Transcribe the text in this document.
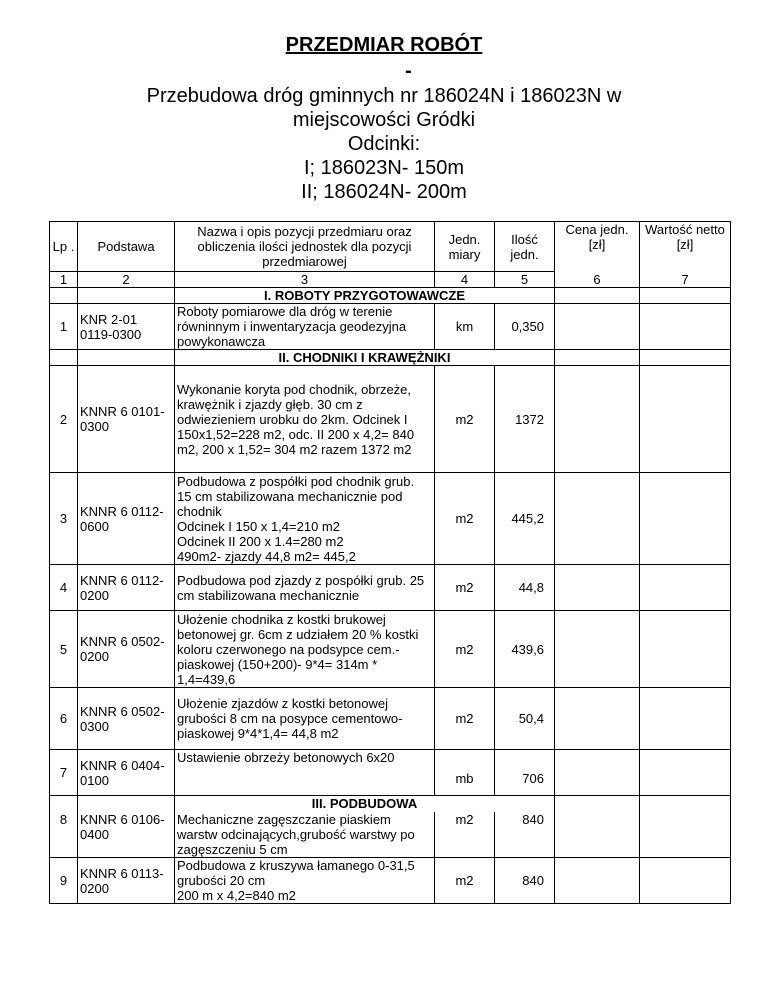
PRZEDMIAR ROBÓT
-
Przebudowa dróg gminnych nr 186024N i 186023N w
miejscowości Gródki
Odcinki:
I; 186023N- 150m
II; 186024N- 200m
Lp .	Podstawa	Nazwa i opis pozycji przedmiaru oraz obliczenia ilości jednostek dla pozycji przedmiarowej	Jedn. miary	Ilość jedn.	Cena jedn. [zł]	Wartość netto [zł]
1	2	3	4	5	6	7
		I. ROBOTY PRZYGOTOWAWCZE				
1	KNR 2-01 0119-0300	Roboty pomiarowe dla dróg w terenie równinnym i inwentaryzacja geodezyjna powykonawcza	km	0,350		
		II. CHODNIKI I KRAWĘŻNIKI				
2	KNNR 6 0101-0300	Wykonanie koryta pod chodnik, obrzeże, krawężnik i zjazdy głęb. 30 cm z odwiezieniem urobku do 2km. Odcinek I 150x1,52=228 m2, odc. II 200 x 4,2= 840 m2, 200 x 1,52= 304 m2 razem 1372 m2	m2	1372		
3	KNNR 6 0112-0600	Podbudowa z pospółki pod chodnik grub. 15 cm stabilizowana mechanicznie pod chodnik
Odcinek I 150 x 1,4=210 m2
Odcinek II 200 x 1.4=280 m2
490m2- zjazdy 44,8 m2= 445,2	m2	445,2		
4	KNNR 6 0112-0200	Podbudowa pod zjazdy z pospółki grub. 25 cm stabilizowana mechanicznie	m2	44,8		
5	KNNR 6 0502-0200	Ułożenie chodnika z kostki brukowej betonowej gr. 6cm z udziałem 20 % kostki koloru czerwonego na podsypce cem.-piaskowej (150+200)- 9*4= 314m * 1,4=439,6	m2	439,6		
6	KNNR 6 0502-0300	Ułożenie zjazdów z kostki betonowej grubości 8 cm na posypce cementowo-piaskowej 9*4*1,4= 44,8 m2	m2	50,4		
7	KNNR 6 0404-0100	Ustawienie obrzeży betonowych 6x20	mb	706		
		III. PODBUDOWA				
8	KNNR 6 0106-0400	Mechaniczne zagęszczanie piaskiem warstw odcinających,grubość warstwy po zagęszczeniu 5 cm	m2	840		
9	KNNR 6 0113-0200	Podbudowa z kruszywa łamanego 0-31,5 grubości 20 cm
200 m x 4,2=840 m2	m2	840		
